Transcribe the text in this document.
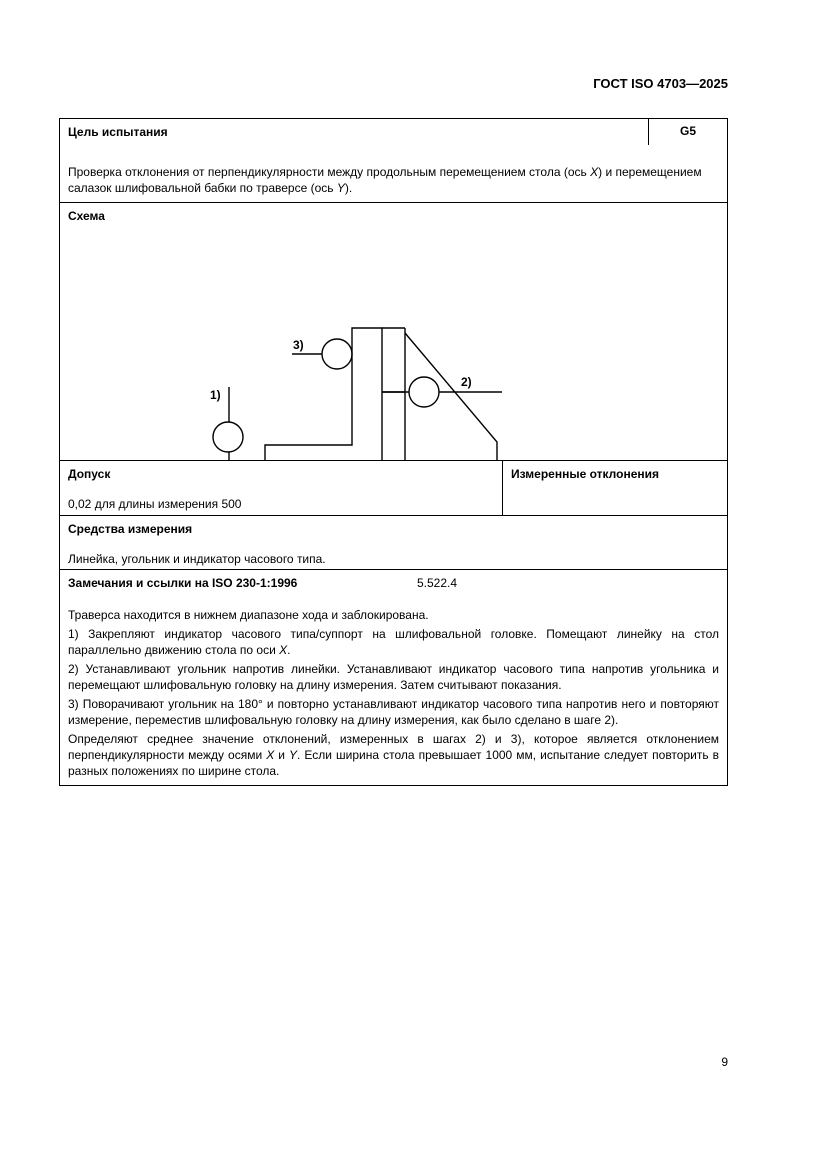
ГОСТ ISO 4703—2025
Цель испытания	G5
Проверка отклонения от перпендикулярности между продольным перемещением стола (ось X) и перемещением салазок шлифовальной бабки по траверсе (ось Y).
Схема
1)
2)
3)
Допуск
0,02 для длины измерения 500
Измеренные отклонения
Средства измерения
Линейка, угольник и индикатор часового типа.
Замечания и ссылки на ISO 230-1:1996	5.522.4

Траверса находится в нижнем диапазоне хода и заблокирована.

1) Закрепляют индикатор часового типа/суппорт на шлифовальной головке. Помещают линейку на стол параллельно движению стола по оси X.

2) Устанавливают угольник напротив линейки. Устанавливают индикатор часового типа напротив угольника и перемещают шлифовальную головку на длину измерения. Затем считывают показания.

3) Поворачивают угольник на 180° и повторно устанавливают индикатор часового типа напротив него и повторяют измерение, переместив шлифовальную головку на длину измерения, как было сделано в шаге 2).

Определяют среднее значение отклонений, измеренных в шагах 2) и 3), которое является отклонением перпендикулярности между осями X и Y. Если ширина стола превышает 1000 мм, испытание следует повторить в разных положениях по ширине стола.

9
